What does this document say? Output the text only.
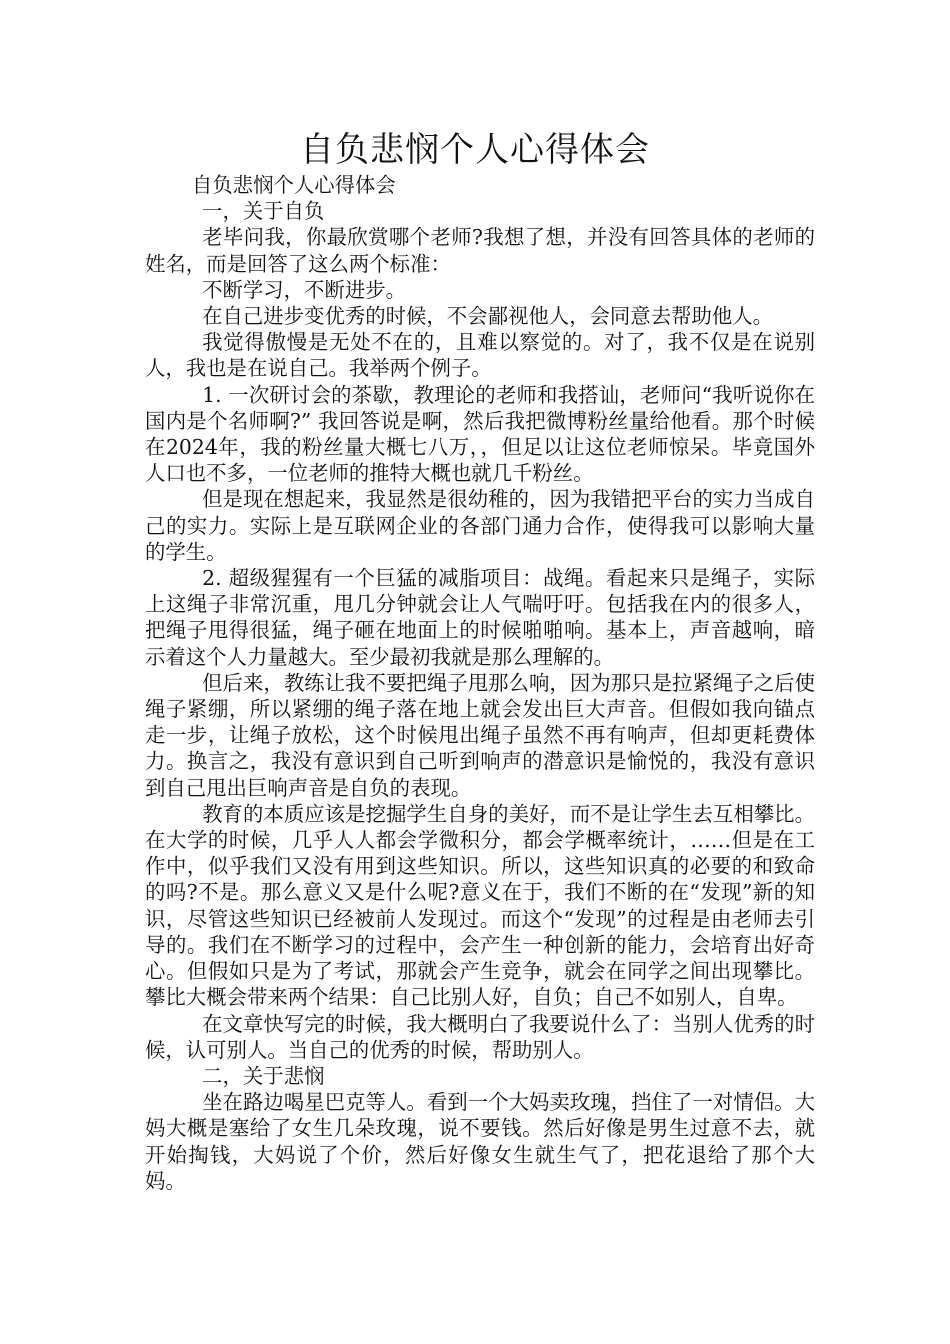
自负悲悯个人心得体会

自负悲悯个人心得体会

一，关于自负

老毕问我，你最欣赏哪个老师?我想了想，并没有回答具体的老师的姓名，而是回答了这么两个标准：

不断学习，不断进步。

在自己进步变优秀的时候，不会鄙视他人，会同意去帮助他人。

我觉得傲慢是无处不在的，且难以察觉的。对了，我不仅是在说别人，我也是在说自己。我举两个例子。

1. 一次研讨会的茶歇，教理论的老师和我搭讪，老师问“我听说你在国内是个名师啊?” 我回答说是啊，然后我把微博粉丝量给他看。那个时候在2024年，我的粉丝量大概七八万，，但足以让这位老师惊呆。毕竟国外人口也不多，一位老师的推特大概也就几千粉丝。

但是现在想起来，我显然是很幼稚的，因为我错把平台的实力当成自己的实力。实际上是互联网企业的各部门通力合作，使得我可以影响大量的学生。

2. 超级猩猩有一个巨猛的减脂项目：战绳。看起来只是绳子，实际上这绳子非常沉重，甩几分钟就会让人气喘吁吁。包括我在内的很多人，把绳子甩得很猛，绳子砸在地面上的时候啪啪响。基本上，声音越响，暗示着这个人力量越大。至少最初我就是那么理解的。

但后来，教练让我不要把绳子甩那么响，因为那只是拉紧绳子之后使绳子紧绷，所以紧绷的绳子落在地上就会发出巨大声音。但假如我向锚点走一步，让绳子放松，这个时候甩出绳子虽然不再有响声，但却更耗费体力。换言之，我没有意识到自己听到响声的潜意识是愉悦的，我没有意识到自己甩出巨响声音是自负的表现。

教育的本质应该是挖掘学生自身的美好，而不是让学生去互相攀比。在大学的时候，几乎人人都会学微积分，都会学概率统计，……但是在工作中，似乎我们又没有用到这些知识。所以，这些知识真的必要的和致命的吗?不是。那么意义又是什么呢?意义在于，我们不断的在“发现”新的知识，尽管这些知识已经被前人发现过。而这个“发现”的过程是由老师去引导的。我们在不断学习的过程中，会产生一种创新的能力，会培育出好奇心。但假如只是为了考试，那就会产生竞争，就会在同学之间出现攀比。攀比大概会带来两个结果：自己比别人好，自负；自己不如别人，自卑。

在文章快写完的时候，我大概明白了我要说什么了：当别人优秀的时候，认可别人。当自己的优秀的时候，帮助别人。

二，关于悲悯

坐在路边喝星巴克等人。看到一个大妈卖玫瑰，挡住了一对情侣。大妈大概是塞给了女生几朵玫瑰，说不要钱。然后好像是男生过意不去，就开始掏钱，大妈说了个价，然后好像女生就生气了，把花退给了那个大妈。
